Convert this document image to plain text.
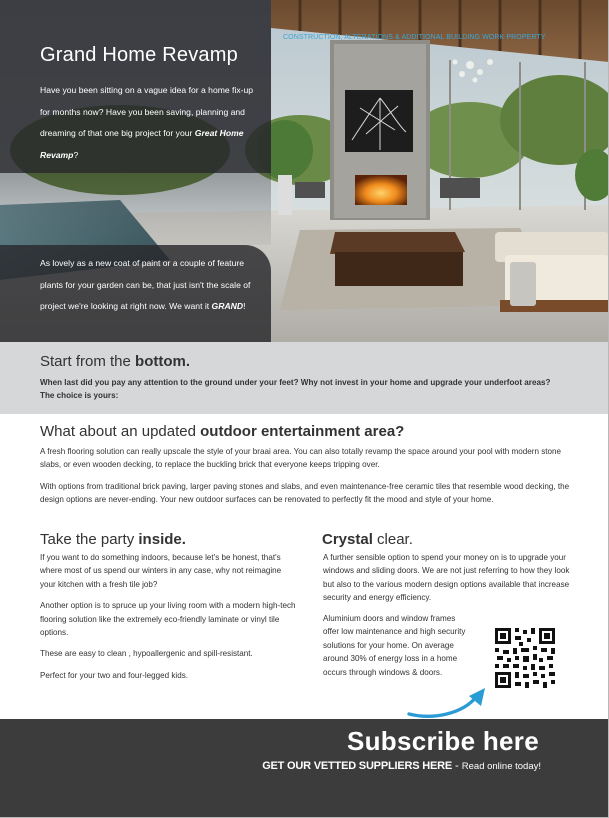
CONSTRUCTION, ALTERATIONS & ADDITIONAL BUILDING WORK PROPERTY
Grand Home Revamp

Have you been sitting on a vague idea for a home fix-up for months now? Have you been saving, planning and dreaming of that one big project for your Great Home Revamp?

As lovely as a new coat of paint or a couple of feature plants for your garden can be, that just isn't the scale of project we're looking at right now. We want it GRAND!

Start from the bottom.

When last did you pay any attention to the ground under your feet? Why not invest in your home and upgrade your underfoot areas? The choice is yours:

What about an updated outdoor entertainment area?

A fresh flooring solution can really upscale the style of your braai area. You can also totally revamp the space around your pool with modern stone slabs, or even wooden decking, to replace the buckling brick that everyone keeps tripping over.

With options from traditional brick paving, larger paving stones and slabs, and even maintenance-free ceramic tiles that resemble wood decking, the design options are never-ending. Your new outdoor surfaces can be renovated to perfectly fit the mood and style of your home.

Take the party inside.

If you want to do something indoors, because let's be honest, that's where most of us spend our winters in any case, why not reimagine your kitchen with a fresh tile job?

Another option is to spruce up your living room with a modern high-tech flooring solution like the extremely eco-friendly laminate or vinyl tile options.

These are easy to clean , hypoallergenic and spill-resistant.

Perfect for your two and four-legged kids.

Crystal clear.

A further sensible option to spend your money on is to upgrade your windows and sliding doors. We are not just referring to how they look but also to the various modern design options available that increase security and energy efficiency.

Aluminium doors and window frames offer low maintenance and high security solutions for your home. On average around 30% of energy loss in a home occurs through windows & doors.

Subscribe here
GET OUR VETTED SUPPLIERS HERE - Read online today!
